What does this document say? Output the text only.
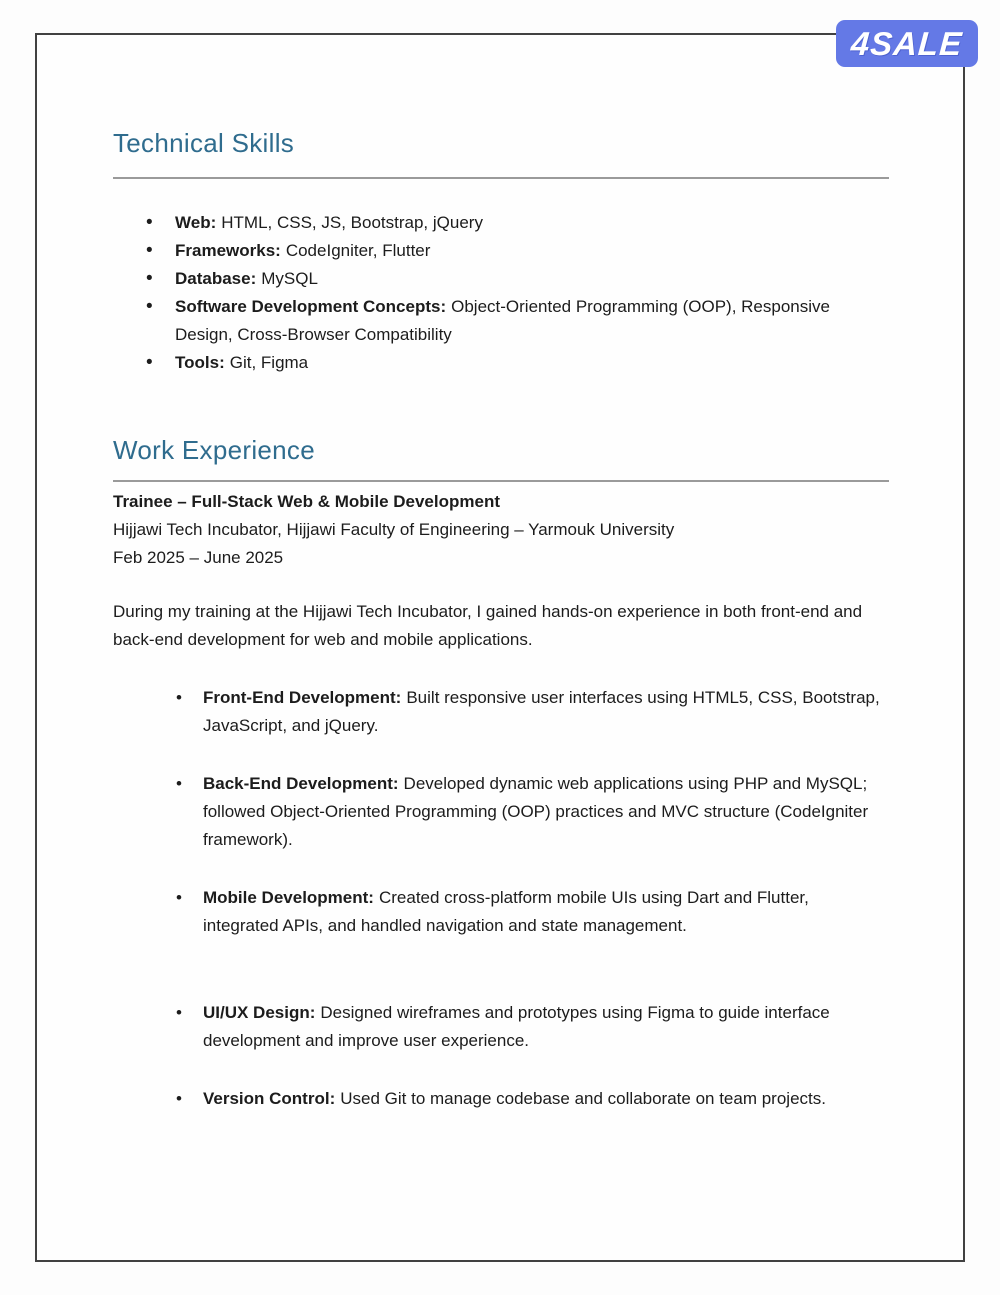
4SALE
Technical Skills
• Web: HTML, CSS, JS, Bootstrap, jQuery
• Frameworks: CodeIgniter, Flutter
• Database: MySQL
• Software Development Concepts: Object-Oriented Programming (OOP), Responsive Design, Cross-Browser Compatibility
• Tools: Git, Figma
Work Experience
Trainee – Full-Stack Web & Mobile Development
Hijjawi Tech Incubator, Hijjawi Faculty of Engineering – Yarmouk University
Feb 2025 – June 2025

During my training at the Hijjawi Tech Incubator, I gained hands-on experience in both front-end and back-end development for web and mobile applications.

• Front-End Development: Built responsive user interfaces using HTML5, CSS, Bootstrap, JavaScript, and jQuery.
• Back-End Development: Developed dynamic web applications using PHP and MySQL; followed Object-Oriented Programming (OOP) practices and MVC structure (CodeIgniter framework).
• Mobile Development: Created cross-platform mobile UIs using Dart and Flutter, integrated APIs, and handled navigation and state management.
• UI/UX Design: Designed wireframes and prototypes using Figma to guide interface development and improve user experience.
• Version Control: Used Git to manage codebase and collaborate on team projects.
